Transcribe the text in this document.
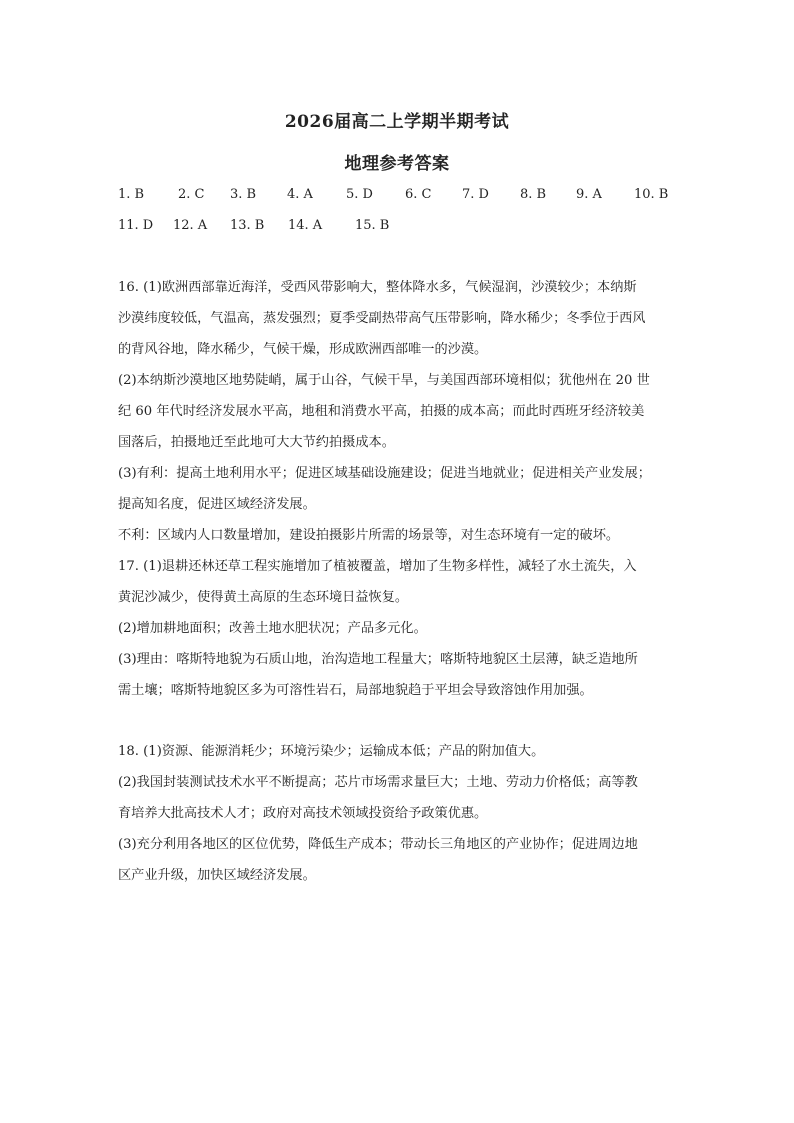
2026届高二上学期半期考试
地理参考答案
1. B	2. C 3. B 4. A	5. D 6. C 7. D 8. B 9. A 10. B
11. D 12. A 13. B 14. A	15. B
16. (1)欧洲西部靠近海洋，受西风带影响大，整体降水多，气候湿润，沙漠较少；本纳斯
沙漠纬度较低，气温高，蒸发强烈；夏季受副热带高气压带影响，降水稀少；冬季位于西风
的背风谷地，降水稀少，气候干燥，形成欧洲西部唯一的沙漠。
(2)本纳斯沙漠地区地势陡峭，属于山谷，气候干旱，与美国西部环境相似；犹他州在 20 世
纪 60 年代时经济发展水平高，地租和消费水平高，拍摄的成本高；而此时西班牙经济较美
国落后，拍摄地迁至此地可大大节约拍摄成本。
(3)有利：提高土地利用水平；促进区域基础设施建设；促进当地就业；促进相关产业发展；
提高知名度，促进区域经济发展。
不利：区域内人口数量增加，建设拍摄影片所需的场景等，对生态环境有一定的破坏。
17. (1)退耕还林还草工程实施增加了植被覆盖，增加了生物多样性，减轻了水土流失，入
黄泥沙减少，使得黄土高原的生态环境日益恢复。
(2)增加耕地面积；改善土地水肥状况；产品多元化。
(3)理由：喀斯特地貌为石质山地，治沟造地工程量大；喀斯特地貌区土层薄，缺乏造地所
需土壤；喀斯特地貌区多为可溶性岩石，局部地貌趋于平坦会导致溶蚀作用加强。
18. (1)资源、能源消耗少；环境污染少；运输成本低；产品的附加值大。
(2)我国封装测试技术水平不断提高；芯片市场需求量巨大；土地、劳动力价格低；高等教
育培养大批高技术人才；政府对高技术领域投资给予政策优惠。
(3)充分利用各地区的区位优势，降低生产成本；带动长三角地区的产业协作；促进周边地
区产业升级，加快区域经济发展。
